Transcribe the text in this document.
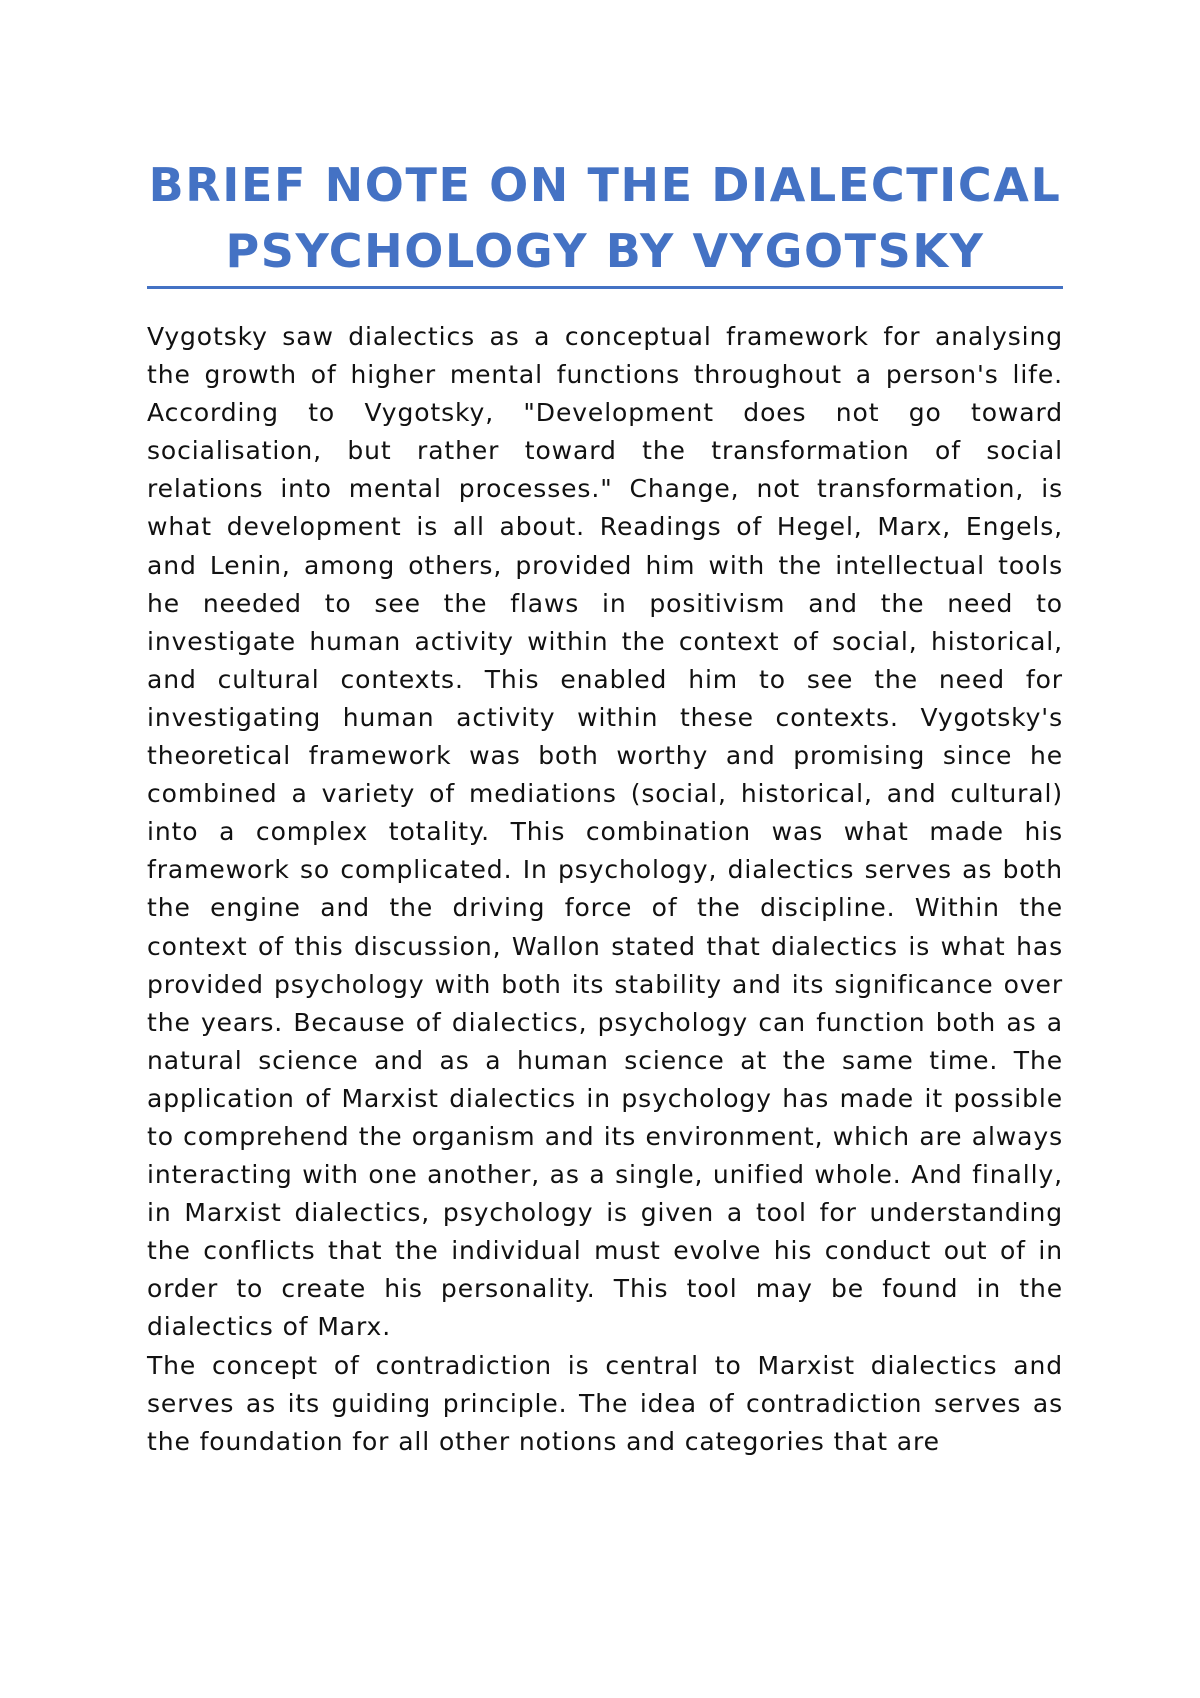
BRIEF NOTE ON THE DIALECTICAL PSYCHOLOGY BY VYGOTSKY

Vygotsky saw dialectics as a conceptual framework for analysing the growth of higher mental functions throughout a person's life. According to Vygotsky, "Development does not go toward socialisation, but rather toward the transformation of social relations into mental processes." Change, not transformation, is what development is all about. Readings of Hegel, Marx, Engels, and Lenin, among others, provided him with the intellectual tools he needed to see the flaws in positivism and the need to investigate human activity within the context of social, historical, and cultural contexts. This enabled him to see the need for investigating human activity within these contexts. Vygotsky's theoretical framework was both worthy and promising since he combined a variety of mediations (social, historical, and cultural) into a complex totality. This combination was what made his framework so complicated. In psychology, dialectics serves as both the engine and the driving force of the discipline. Within the context of this discussion, Wallon stated that dialectics is what has provided psychology with both its stability and its significance over the years. Because of dialectics, psychology can function both as a natural science and as a human science at the same time. The application of Marxist dialectics in psychology has made it possible to comprehend the organism and its environment, which are always interacting with one another, as a single, unified whole. And finally, in Marxist dialectics, psychology is given a tool for understanding the conflicts that the individual must evolve his conduct out of in order to create his personality. This tool may be found in the dialectics of Marx.

The concept of contradiction is central to Marxist dialectics and serves as its guiding principle. The idea of contradiction serves as the foundation for all other notions and categories that are
